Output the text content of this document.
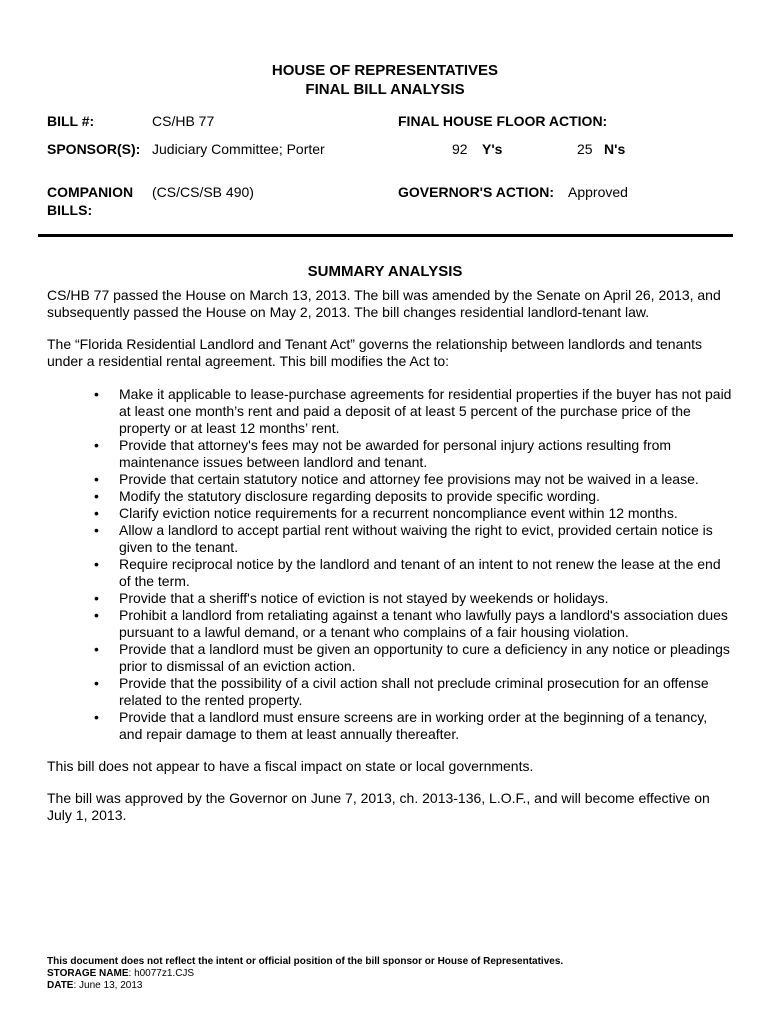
HOUSE OF REPRESENTATIVES
FINAL BILL ANALYSIS
BILL #:	CS/HB 77	FINAL HOUSE FLOOR ACTION:
SPONSOR(S): Judiciary Committee; Porter	92 Y's	25 N's
COMPANION
BILLS:
(CS/CS/SB 490)	GOVERNOR'S ACTION: Approved
SUMMARY ANALYSIS
CS/HB 77 passed the House on March 13, 2013. The bill was amended by the Senate on April 26, 2013, and subsequently passed the House on May 2, 2013. The bill changes residential landlord-tenant law.
The “Florida Residential Landlord and Tenant Act” governs the relationship between landlords and tenants under a residential rental agreement. This bill modifies the Act to:
• Make it applicable to lease-purchase agreements for residential properties if the buyer has not paid at least one month’s rent and paid a deposit of at least 5 percent of the purchase price of the property or at least 12 months’ rent.
• Provide that attorney's fees may not be awarded for personal injury actions resulting from maintenance issues between landlord and tenant.
• Provide that certain statutory notice and attorney fee provisions may not be waived in a lease.
• Modify the statutory disclosure regarding deposits to provide specific wording.
• Clarify eviction notice requirements for a recurrent noncompliance event within 12 months.
• Allow a landlord to accept partial rent without waiving the right to evict, provided certain notice is given to the tenant.
• Require reciprocal notice by the landlord and tenant of an intent to not renew the lease at the end of the term.
• Provide that a sheriff's notice of eviction is not stayed by weekends or holidays.
• Prohibit a landlord from retaliating against a tenant who lawfully pays a landlord's association dues pursuant to a lawful demand, or a tenant who complains of a fair housing violation.
• Provide that a landlord must be given an opportunity to cure a deficiency in any notice or pleadings prior to dismissal of an eviction action.
• Provide that the possibility of a civil action shall not preclude criminal prosecution for an offense related to the rented property.
• Provide that a landlord must ensure screens are in working order at the beginning of a tenancy, and repair damage to them at least annually thereafter.
This bill does not appear to have a fiscal impact on state or local governments.
The bill was approved by the Governor on June 7, 2013, ch. 2013-136, L.O.F., and will become effective on July 1, 2013.
This document does not reflect the intent or official position of the bill sponsor or House of Representatives.
STORAGE NAME: h0077z1.CJS
DATE: June 13, 2013
